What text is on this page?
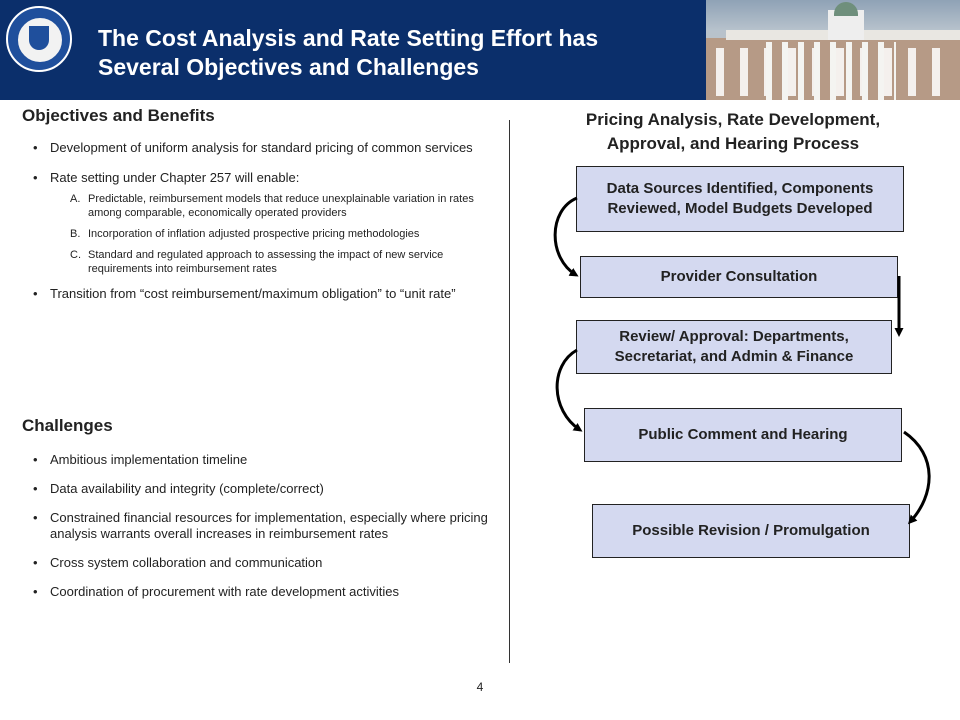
The Cost Analysis and Rate Setting Effort has
Several Objectives and Challenges
Objectives and Benefits
• Development of uniform analysis for standard pricing of common services
• Rate setting under Chapter 257 will enable:
A. Predictable, reimbursement models that reduce unexplainable variation in rates among comparable, economically operated providers
B. Incorporation of inflation adjusted prospective pricing methodologies
C. Standard and regulated approach to assessing the impact of new service requirements into reimbursement rates
• Transition from “cost reimbursement/maximum obligation” to “unit rate”
Challenges
• Ambitious implementation timeline
• Data availability and integrity (complete/correct)
• Constrained financial resources for implementation, especially where pricing analysis warrants overall increases in reimbursement rates
• Cross system collaboration and communication
• Coordination of procurement with rate development activities
Pricing Analysis, Rate Development,
Approval, and Hearing Process
Data Sources Identified, Components Reviewed, Model Budgets Developed
Provider Consultation
Review/ Approval: Departments, Secretariat, and Admin & Finance
Public Comment and Hearing
Possible Revision / Promulgation
4
